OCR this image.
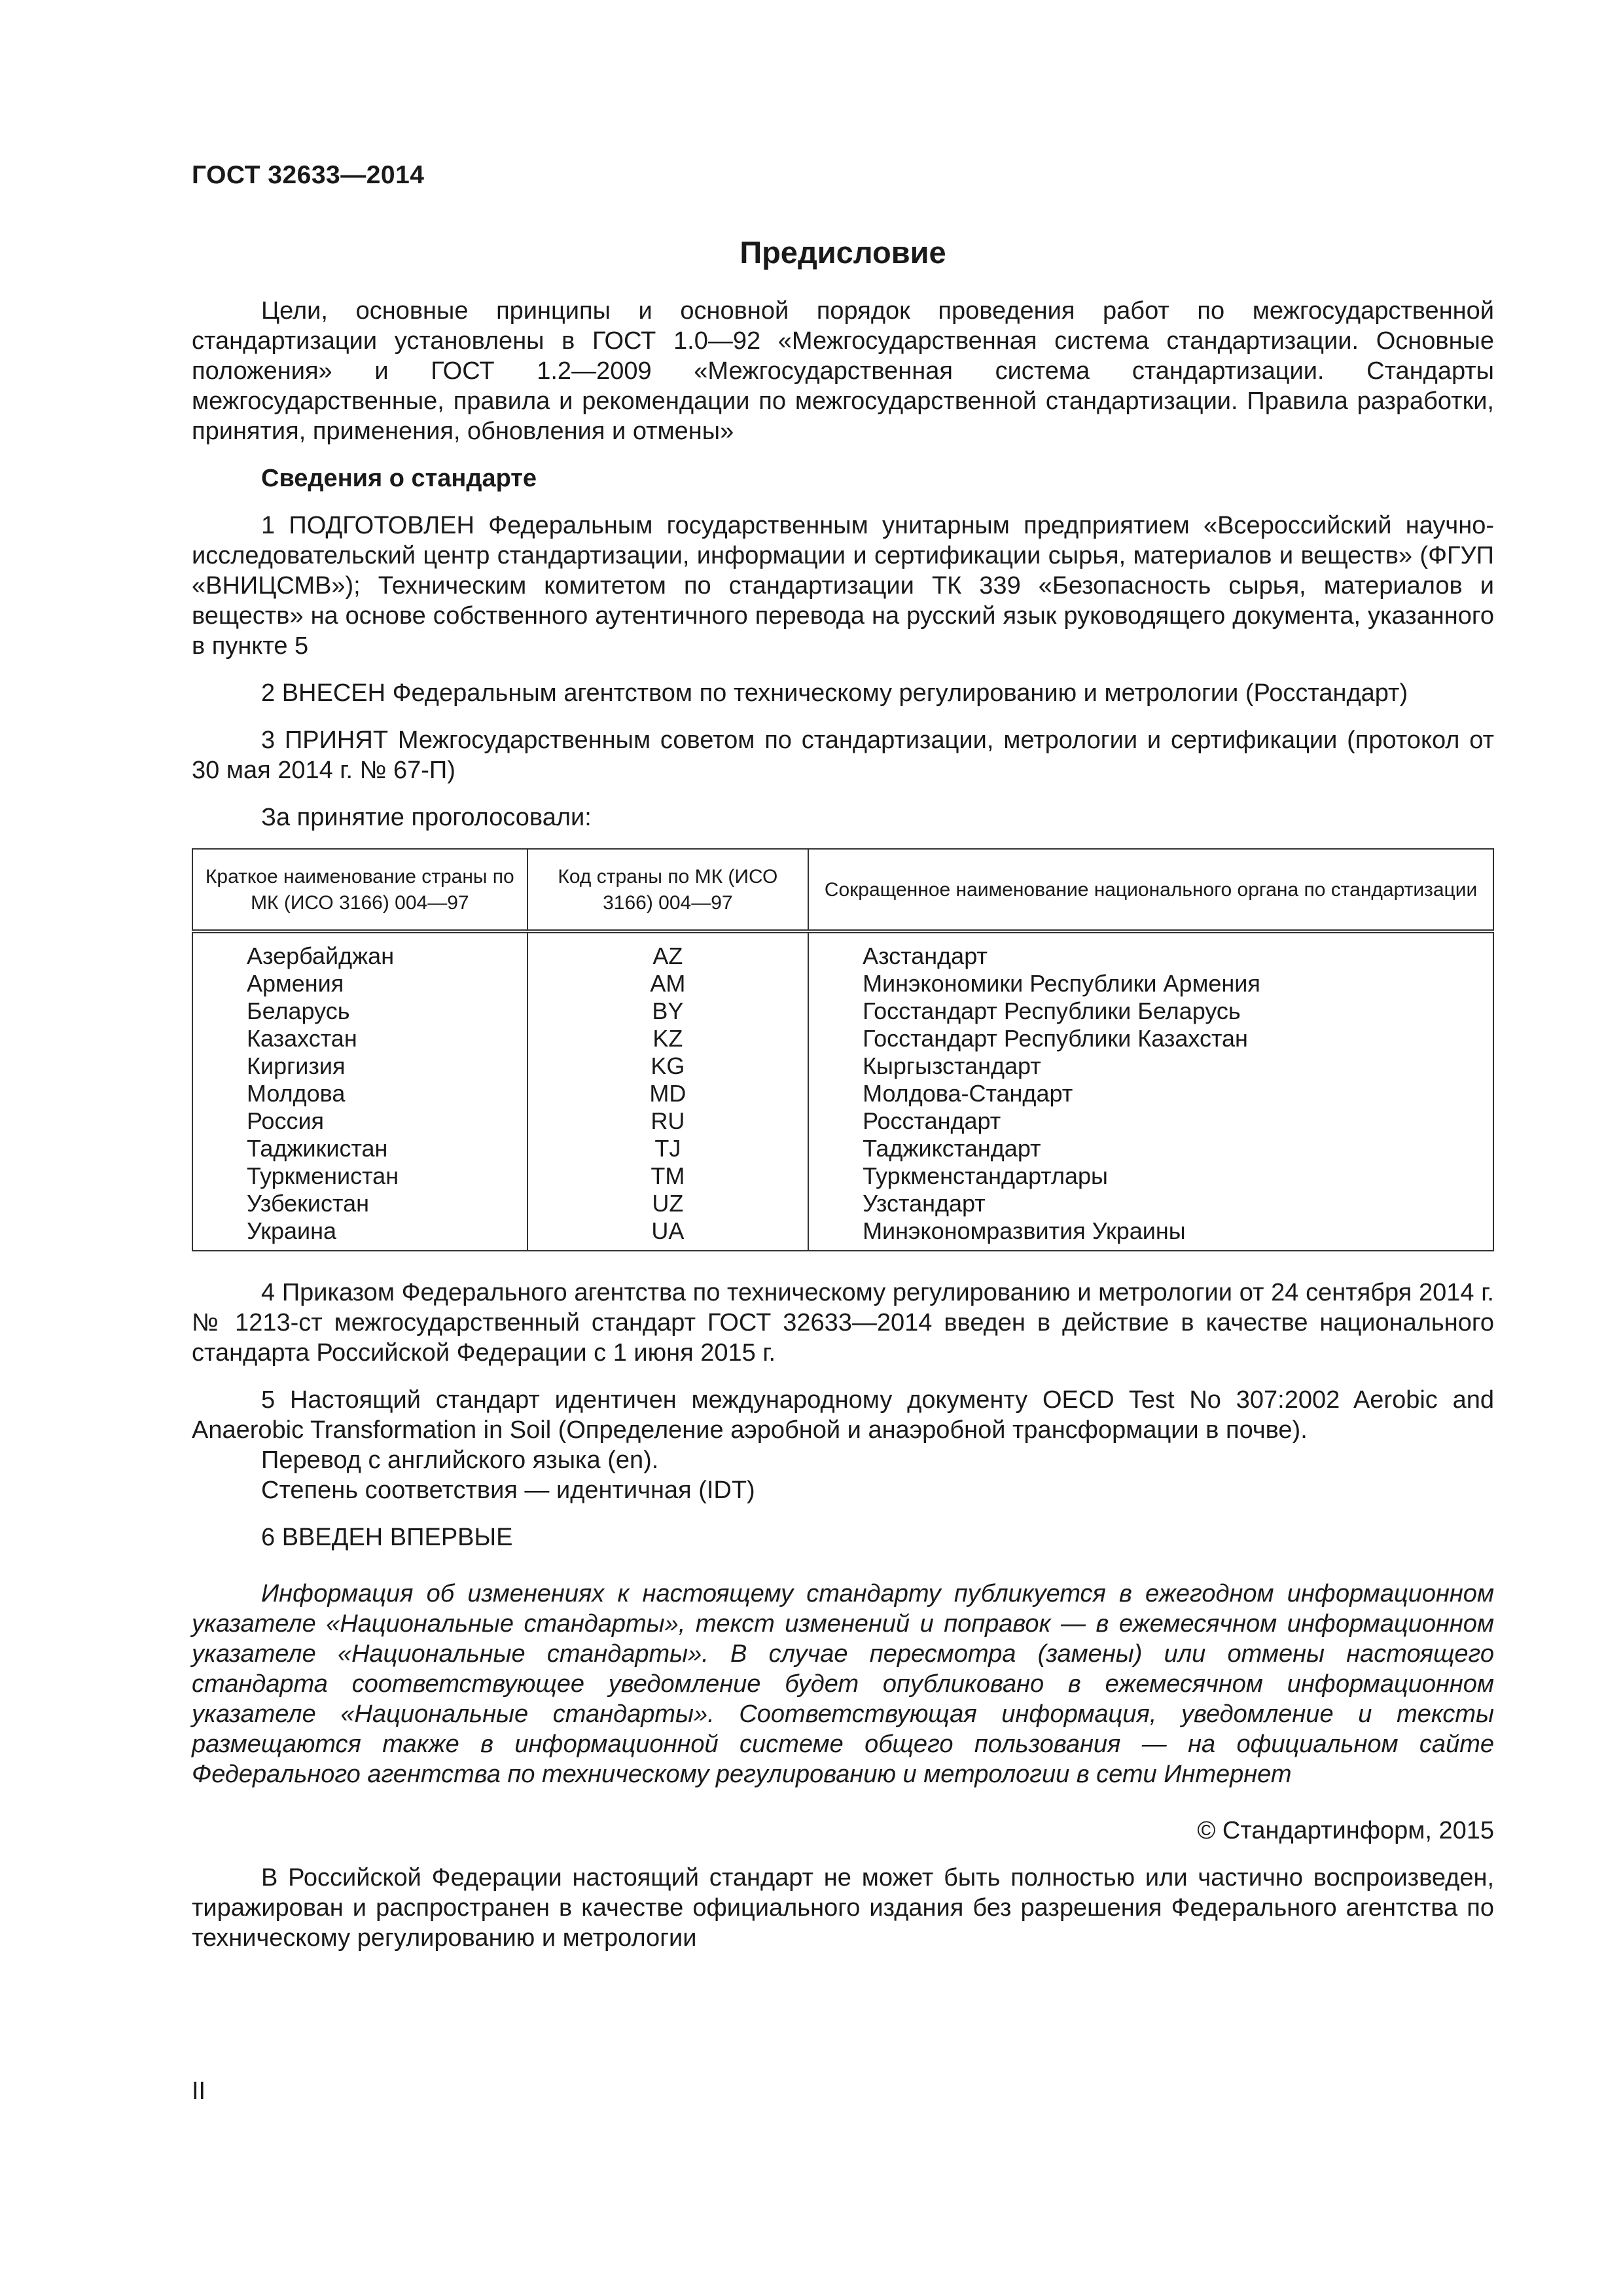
ГОСТ 32633—2014
Предисловие

Цели, основные принципы и основной порядок проведения работ по межгосударственной стандартизации установлены в ГОСТ 1.0—92 «Межгосударственная система стандартизации. Основные положения» и ГОСТ 1.2—2009 «Межгосударственная система стандартизации. Стандарты межгосударственные, правила и рекомендации по межгосударственной стандартизации. Правила разработки, принятия, применения, обновления и отмены»

Сведения о стандарте

1 ПОДГОТОВЛЕН Федеральным государственным унитарным предприятием «Всероссийский научно-исследовательский центр стандартизации, информации и сертификации сырья, материалов и веществ» (ФГУП «ВНИЦСМВ»); Техническим комитетом по стандартизации ТК 339 «Безопасность сырья, материалов и веществ» на основе собственного аутентичного перевода на русский язык руководящего документа, указанного в пункте 5

2 ВНЕСЕН Федеральным агентством по техническому регулированию и метрологии (Росстандарт)

3 ПРИНЯТ Межгосударственным советом по стандартизации, метрологии и сертификации (протокол от 30 мая 2014 г. № 67-П)

За принятие проголосовали:

Краткое наименование страны по МК (ИСО 3166) 004—97	Код страны по МК (ИСО 3166) 004—97	Сокращенное наименование национального органа по стандартизации
Азербайджан	AZ	Азстандарт
Армения	AM	Минэкономики Республики Армения
Беларусь	BY	Госстандарт Республики Беларусь
Казахстан	KZ	Госстандарт Республики Казахстан
Киргизия	KG	Кыргызстандарт
Молдова	MD	Молдова-Стандарт
Россия	RU	Росстандарт
Таджикистан	TJ	Таджикстандарт
Туркменистан	TM	Туркменстандартлары
Узбекистан	UZ	Узстандарт
Украина	UA	Минэкономразвития Украины

4 Приказом Федерального агентства по техническому регулированию и метрологии от 24 сентября 2014 г. № 1213-ст межгосударственный стандарт ГОСТ 32633—2014 введен в действие в качестве национального стандарта Российской Федерации с 1 июня 2015 г.

5 Настоящий стандарт идентичен международному документу OECD Test No 307:2002 Aerobic and Anaerobic Transformation in Soil (Определение аэробной и анаэробной трансформации в почве).

Перевод с английского языка (en).

Степень соответствия — идентичная (IDT)

6 ВВЕДЕН ВПЕРВЫЕ

Информация об изменениях к настоящему стандарту публикуется в ежегодном информационном указателе «Национальные стандарты», текст изменений и поправок — в ежемесячном информационном указателе «Национальные стандарты». В случае пересмотра (замены) или отмены настоящего стандарта соответствующее уведомление будет опубликовано в ежемесячном информационном указателе «Национальные стандарты». Соответствующая информация, уведомление и тексты размещаются также в информационной системе общего пользования — на официальном сайте Федерального агентства по техническому регулированию и метрологии в сети Интернет

© Стандартинформ, 2015

В Российской Федерации настоящий стандарт не может быть полностью или частично воспроизведен, тиражирован и распространен в качестве официального издания без разрешения Федерального агентства по техническому регулированию и метрологии

II
